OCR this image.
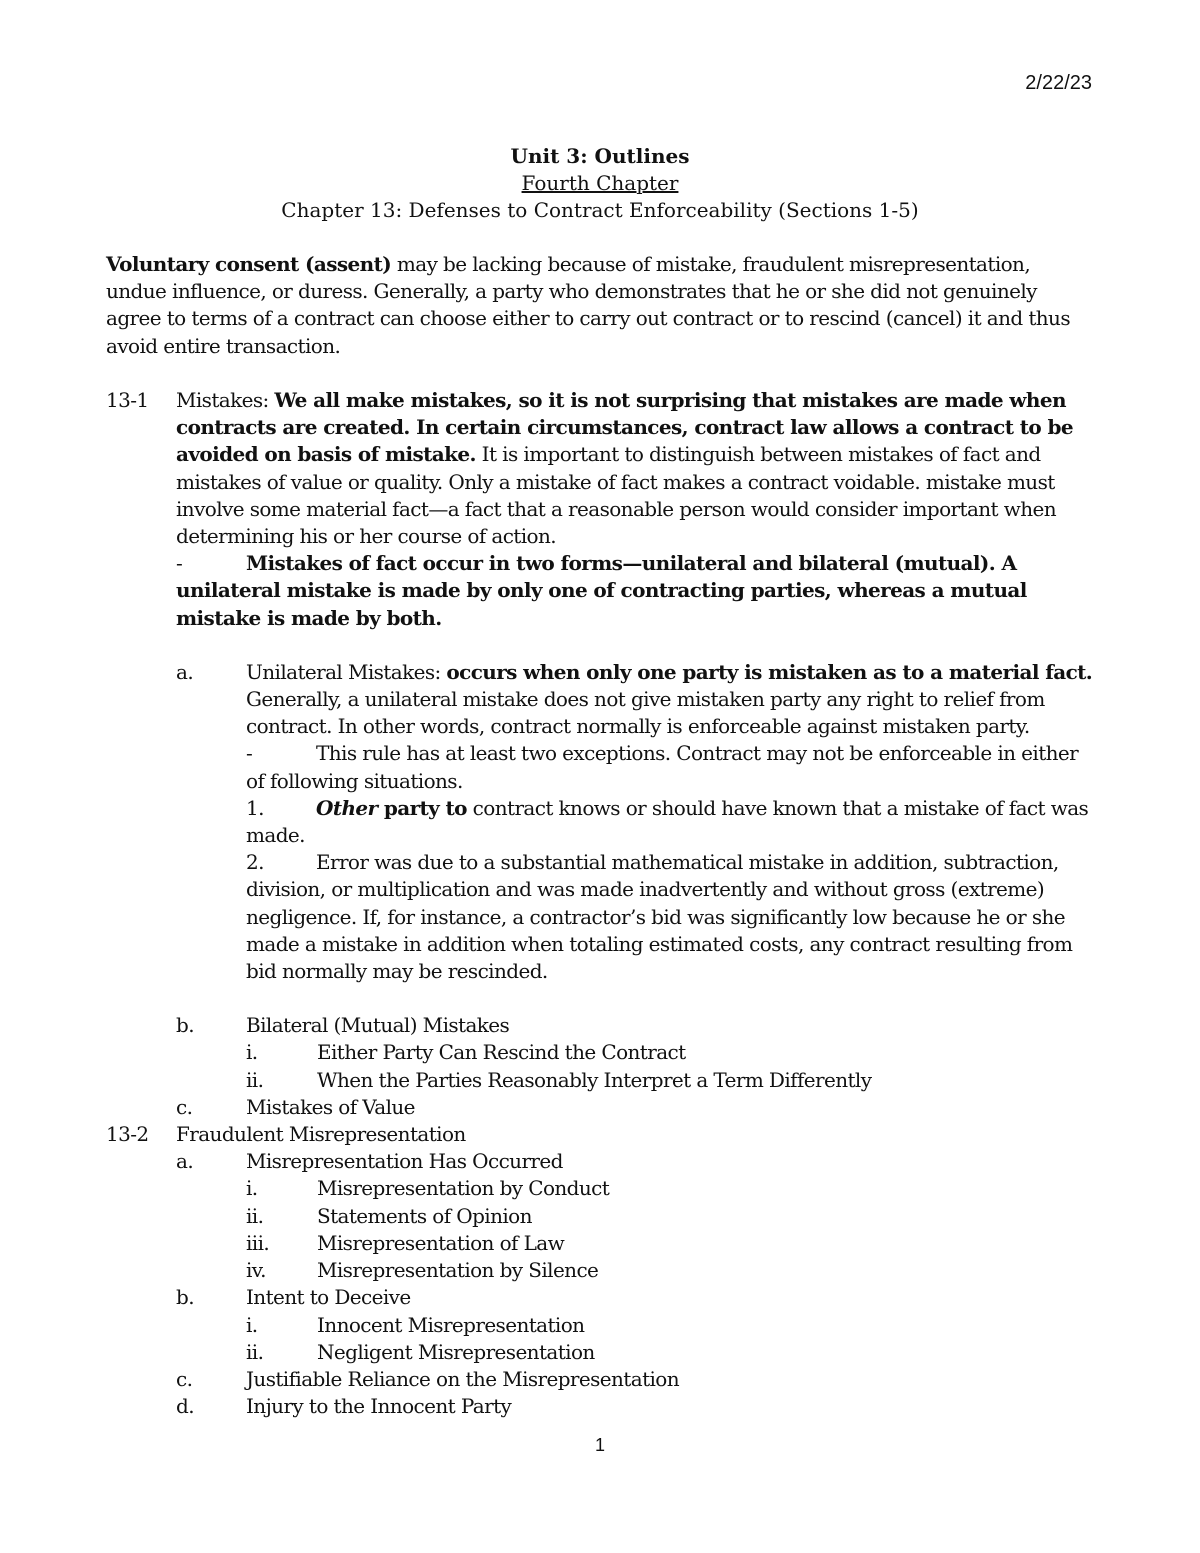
2/22/23
Unit 3: Outlines
Fourth Chapter
Chapter 13: Defenses to Contract Enforceability (Sections 1-5)

Voluntary consent (assent) may be lacking because of mistake, fraudulent misrepresentation, undue influence, or duress. Generally, a party who demonstrates that he or she did not genuinely agree to terms of a contract can choose either to carry out contract or to rescind (cancel) it and thus avoid entire transaction.

13-1 Mistakes: We all make mistakes, so it is not surprising that mistakes are made when contracts are created. In certain circumstances, contract law allows a contract to be avoided on basis of mistake. It is important to distinguish between mistakes of fact and mistakes of value or quality. Only a mistake of fact makes a contract voidable. mistake must involve some material fact—a fact that a reasonable person would consider important when determining his or her course of action.
-	Mistakes of fact occur in two forms—unilateral and bilateral (mutual). A unilateral mistake is made by only one of contracting parties, whereas a mutual mistake is made by both.
a.	Unilateral Mistakes: occurs when only one party is mistaken as to a material fact. Generally, a unilateral mistake does not give mistaken party any right to relief from contract. In other words, contract normally is enforceable against mistaken party.
-	This rule has at least two exceptions. Contract may not be enforceable in either of following situations.
1.	Other party to contract knows or should have known that a mistake of fact was made.
2.	Error was due to a substantial mathematical mistake in addition, subtraction, division, or multiplication and was made inadvertently and without gross (extreme) negligence. If, for instance, a contractor’s bid was significantly low because he or she made a mistake in addition when totaling estimated costs, any contract resulting from bid normally may be rescinded.
b.	Bilateral (Mutual) Mistakes
i.	Either Party Can Rescind the Contract
ii.	When the Parties Reasonably Interpret a Term Differently
c.	Mistakes of Value
13-2 Fraudulent Misrepresentation
a.	Misrepresentation Has Occurred
i.	Misrepresentation by Conduct
ii.	Statements of Opinion
iii. Misrepresentation of Law
iv.	Misrepresentation by Silence
b.	Intent to Deceive
i.	Innocent Misrepresentation
ii.	Negligent Misrepresentation
c.	Justifiable Reliance on the Misrepresentation
d.	Injury to the Innocent Party
1
